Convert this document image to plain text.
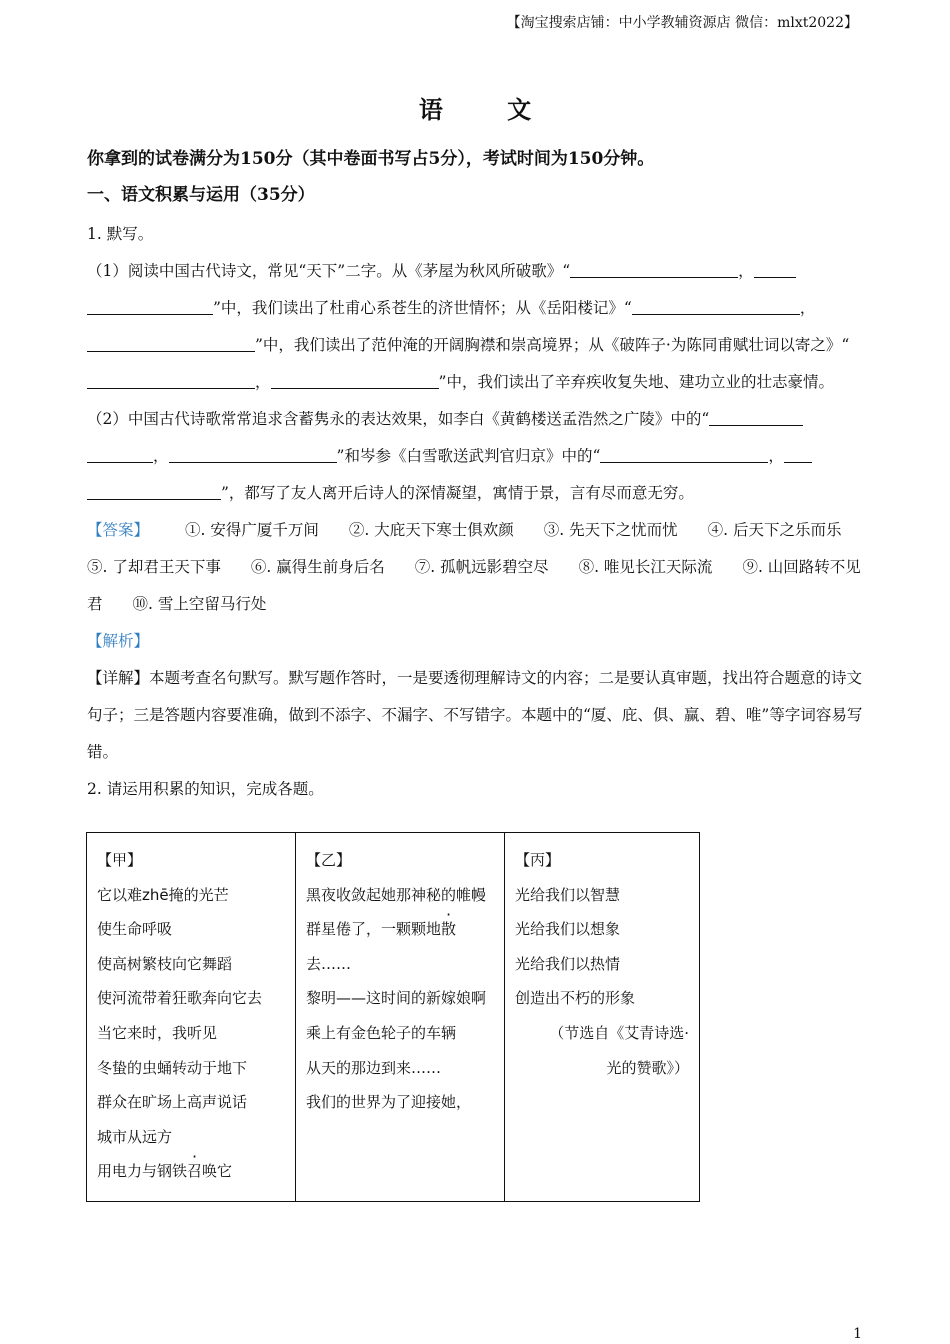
【淘宝搜索店铺：中小学教辅资源店 微信：mlxt2022】
语 文
你拿到的试卷满分为150分（其中卷面书写占5分），考试时间为150分钟。
一、语文积累与运用（35分）

1. 默写。

（1）阅读中国古代诗文，常见“天下”二字。从《茅屋为秋风所破歌》“	，
”中，我们读出了杜甫心系苍生的济世情怀；从《岳阳楼记》“	，
”中，我们读出了范仲淹的开阔胸襟和崇高境界；从《破阵子·为陈同甫赋壮词以寄之》“，	”中，我们读出了辛弃疾收复失地、建功立业的壮志豪情。

（2）中国古代诗歌常常追求含蓄隽永的表达效果，如李白《黄鹤楼送孟浩然之广陵》中的“
，	”和岑参《白雪歌送武判官归京》中的“	，
”，都写了友人离开后诗人的深情凝望，寓情于景，言有尽而意无穷。

【答案】 ①. 安得广厦千万间 ②. 大庇天下寒士俱欢颜 ③. 先天下之忧而忧 ④. 后天下之乐而乐
⑤. 了却君王天下事 ⑥. 赢得生前身后名 ⑦. 孤帆远影碧空尽 ⑧. 唯见长江天际流 ⑨. 山回路转不见君 ⑩. 雪上空留马行处

【解析】

【详解】本题考查名句默写。默写题作答时，一是要透彻理解诗文的内容；二是要认真审题，找出符合题意的诗文句子；三是答题内容要准确，做到不添字、不漏字、不写错字。本题中的“厦、庇、俱、赢、碧、唯”等字词容易写错。

2. 请运用积累的知识，完成各题。

【甲】
它以难zhē掩的光芒
使生命呼吸
使高树繁枝向它舞蹈
使河流带着狂歌奔向它去
当它来时，我听见
冬蛰的虫蛹转动于地下
群众在旷场上高声说话
城市从远方
用电力与钢铁召唤它

【乙】
黑夜收敛起她那神秘的帷幔
群星倦了，一颗颗地散去……
黎明——这时间的新嫁娘啊
乘上有金色轮子的车辆
从天的那边到来……
我们的世界为了迎接她，

【丙】
光给我们以智慧
光给我们以想象
光给我们以热情
创造出不朽的形象
（节选自《艾青诗选·
光的赞歌》）
1
